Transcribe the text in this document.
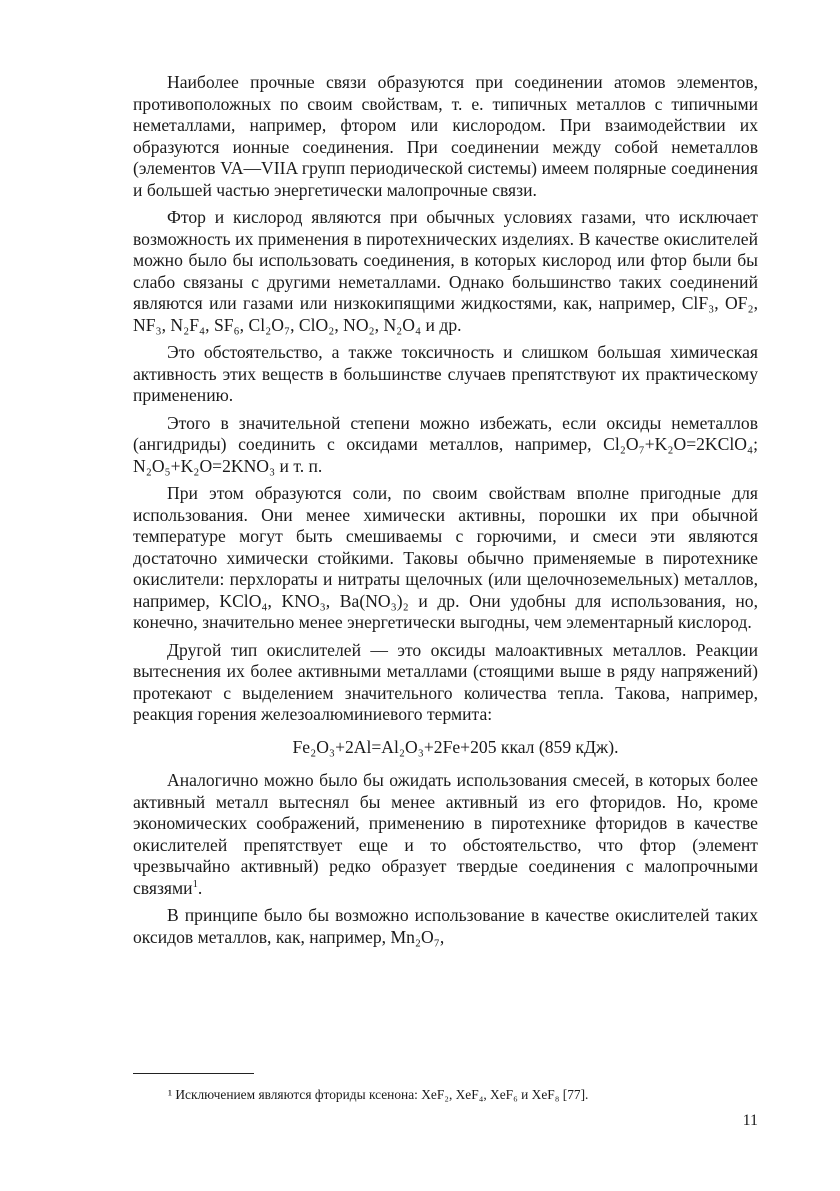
Наиболее прочные связи образуются при соединении атомов элементов, противоположных по своим свойствам, т. е. типичных металлов с типичными неметаллами, например, фтором или кислородом. При взаимодействии их образуются ионные соединения. При соединении между собой неметаллов (элементов VA—VIIA групп периодической системы) имеем полярные соединения и большей частью энергетически малопрочные связи.

Фтор и кислород являются при обычных условиях газами, что исключает возможность их применения в пиротехнических изделиях. В качестве окислителей можно было бы использовать соединения, в которых кислород или фтор были бы слабо связаны с другими неметаллами. Однако большинство таких соединений являются или газами или низкокипящими жидкостями, как, например, ClF₃, OF₂, NF₃, N₂F₄, SF₆, Cl₂O₇, ClO₂, NO₂, N₂O₄ и др.

Это обстоятельство, а также токсичность и слишком большая химическая активность этих веществ в большинстве случаев препятствуют их практическому применению.

Этого в значительной степени можно избежать, если оксиды неметаллов (ангидриды) соединить с оксидами металлов, например, Cl₂O₇+K₂O=2KClO₄; N₂O₅+K₂O=2KNO₃ и т. п.

При этом образуются соли, по своим свойствам вполне пригодные для использования. Они менее химически активны, порошки их при обычной температуре могут быть смешиваемы с горючими, и смеси эти являются достаточно химически стойкими. Таковы обычно применяемые в пиротехнике окислители: перхлораты и нитраты щелочных (или щелочноземельных) металлов, например, KClO₄, KNO₃, Ba(NO₃)₂ и др. Они удобны для использования, но, конечно, значительно менее энергетически выгодны, чем элементарный кислород.

Другой тип окислителей — это оксиды малоактивных металлов. Реакции вытеснения их более активными металлами (стоящими выше в ряду напряжений) протекают с выделением значительного количества тепла. Такова, например, реакция горения железоалюминиевого термита:

Fe₂O₃+2Al=Al₂O₃+2Fe+205 ккал (859 кДж).

Аналогично можно было бы ожидать использования смесей, в которых более активный металл вытеснял бы менее активный из его фторидов. Но, кроме экономических соображений, применению в пиротехнике фторидов в качестве окислителей препятствует еще и то обстоятельство, что фтор (элемент чрезвычайно активный) редко образует твердые соединения с малопрочными связями$^1$.

В принципе было бы возможно использование в качестве окислителей таких оксидов металлов, как, например, Mn₂O₇,

¹ Исключением являются фториды ксенона: XeF₂, XeF₄, XeF₆ и XeF₈ [77].
11
